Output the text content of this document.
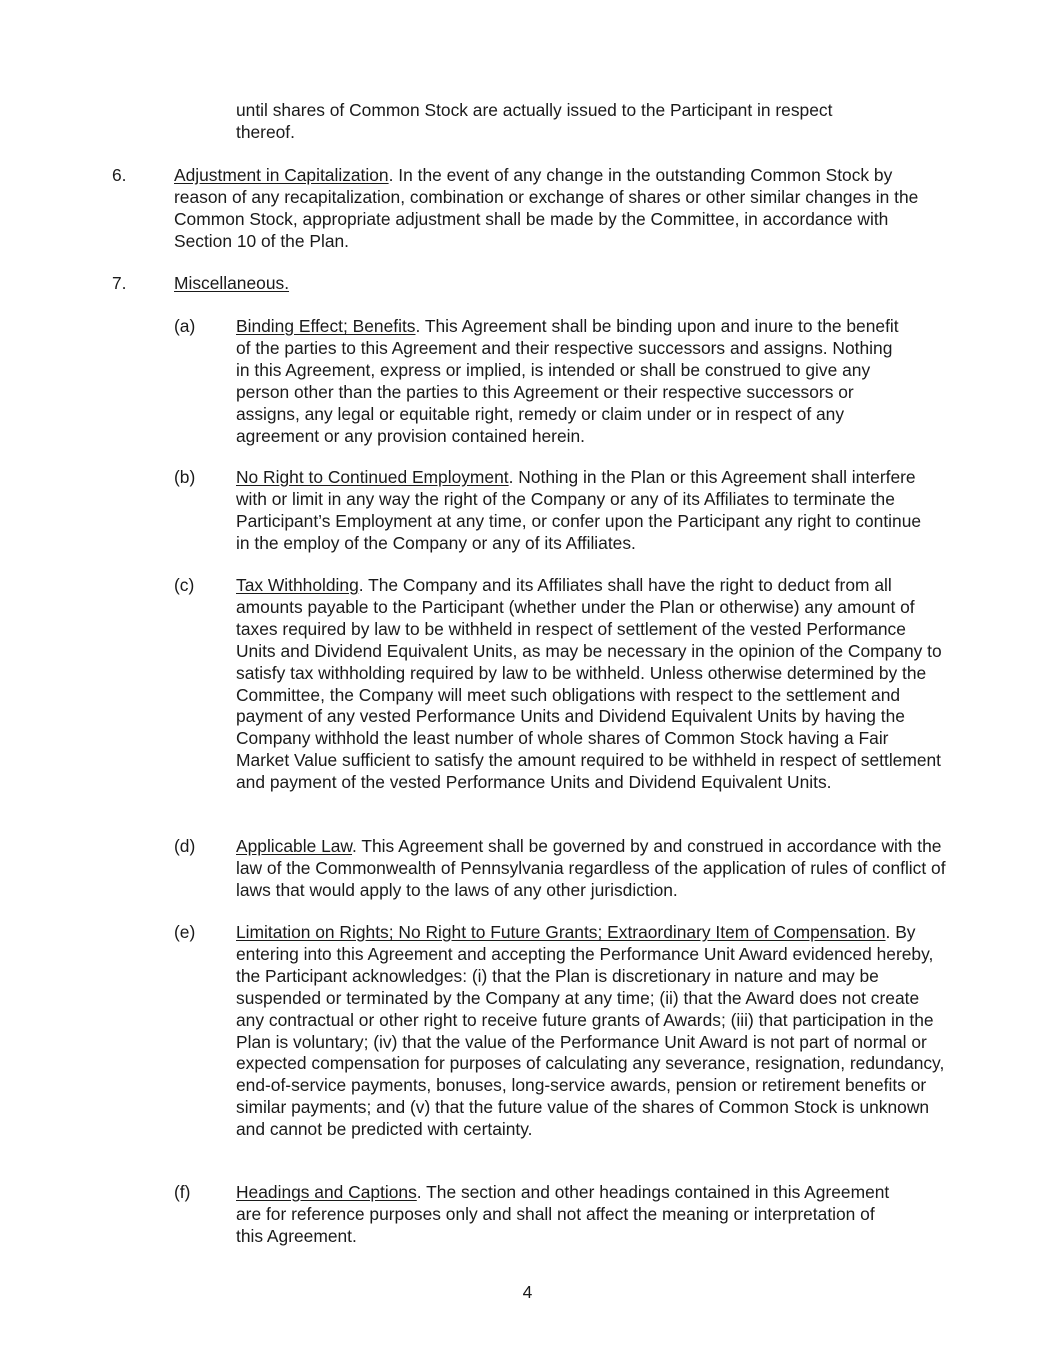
until shares of Common Stock are actually issued to the Participant in respect thereof.

6.	Adjustment in Capitalization. In the event of any change in the outstanding Common Stock by reason of any recapitalization, combination or exchange of shares or other similar changes in the Common Stock, appropriate adjustment shall be made by the Committee, in accordance with Section 10 of the Plan.

7.	Miscellaneous.

(a) Binding Effect; Benefits. This Agreement shall be binding upon and inure to the benefit of the parties to this Agreement and their respective successors and assigns. Nothing in this Agreement, express or implied, is intended or shall be construed to give any person other than the parties to this Agreement or their respective successors or assigns, any legal or equitable right, remedy or claim under or in respect of any agreement or any provision contained herein.

(b) No Right to Continued Employment. Nothing in the Plan or this Agreement shall interfere with or limit in any way the right of the Company or any of its Affiliates to terminate the Participant’s Employment at any time, or confer upon the Participant any right to continue in the employ of the Company or any of its Affiliates.

(c) Tax Withholding. The Company and its Affiliates shall have the right to deduct from all amounts payable to the Participant (whether under the Plan or otherwise) any amount of taxes required by law to be withheld in respect of settlement of the vested Performance Units and Dividend Equivalent Units, as may be necessary in the opinion of the Company to satisfy tax withholding required by law to be withheld. Unless otherwise determined by the Committee, the Company will meet such obligations with respect to the settlement and payment of any vested Performance Units and Dividend Equivalent Units by having the Company withhold the least number of whole shares of Common Stock having a Fair Market Value sufficient to satisfy the amount required to be withheld in respect of settlement and payment of the vested Performance Units and Dividend Equivalent Units.

(d) Applicable Law. This Agreement shall be governed by and construed in accordance with the law of the Commonwealth of Pennsylvania regardless of the application of rules of conflict of laws that would apply to the laws of any other jurisdiction.

(e) Limitation on Rights; No Right to Future Grants; Extraordinary Item of Compensation. By entering into this Agreement and accepting the Performance Unit Award evidenced hereby, the Participant acknowledges: (i) that the Plan is discretionary in nature and may be suspended or terminated by the Company at any time; (ii) that the Award does not create any contractual or other right to receive future grants of Awards; (iii) that participation in the Plan is voluntary; (iv) that the value of the Performance Unit Award is not part of normal or expected compensation for purposes of calculating any severance, resignation, redundancy, end-of-service payments, bonuses, long-service awards, pension or retirement benefits or similar payments; and (v) that the future value of the shares of Common Stock is unknown and cannot be predicted with certainty.

(f)	Headings and Captions. The section and other headings contained in this Agreement are for reference purposes only and shall not affect the meaning or interpretation of this Agreement.

4
